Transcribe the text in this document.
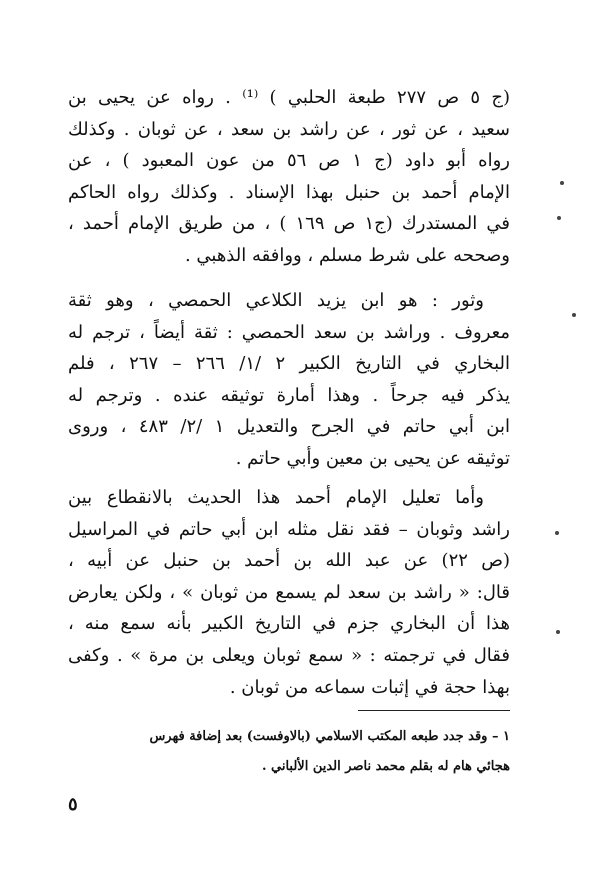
(ج ٥ ص ٢٧٧ طبعة الحلبي ) ⁽¹⁾ . رواه عن يحيى بن
سعيد ، عن ثور ، عن راشد بن سعد ، عن ثوبان . وكذلك
رواه أبو داود (ج ١ ص ٥٦ من عون المعبود ) ، عن
الإمام أحمد بن حنبل بهذا الإسناد . وكذلك رواه الحاكم
في المستدرك (ج١ ص ١٦٩ ) ، من طريق الإمام أحمد ،
وصححه على شرط مسلم ، ووافقه الذهبي .
وثور : هو ابن يزيد الكلاعي الحمصي ، وهو ثقة
معروف . وراشد بن سعد الحمصي : ثقة أيضاً ، ترجم له
البخاري في التاريخ الكبير ٢ /١/ ٢٦٦ – ٢٦٧ ، فلم
يذكر فيه جرحاً . وهذا أمارة توثيقه عنده . وترجم له
ابن أبي حاتم في الجرح والتعديل ١ /٢/ ٤٨٣ ، وروى
توثيقه عن يحيى بن معين وأبي حاتم .
وأما تعليل الإمام أحمد هذا الحديث بالانقطاع بين
راشد وثوبان – فقد نقل مثله ابن أبي حاتم في المراسيل
(ص ٢٢) عن عبد الله بن أحمد بن حنبل عن أبيه ،
قال: « راشد بن سعد لم يسمع من ثوبان » ، ولكن يعارض
هذا أن البخاري جزم في التاريخ الكبير بأنه سمع منه ،
فقال في ترجمته : « سمع ثوبان ويعلى بن مرة » . وكفى
بهذا حجة في إثبات سماعه من ثوبان .
١ – وقد جدد طبعه المكتب الاسلامي (بالاوفست) بعد إضافة فهرس
هجائي هام له بقلم محمد ناصر الدين الألباني .
٥
